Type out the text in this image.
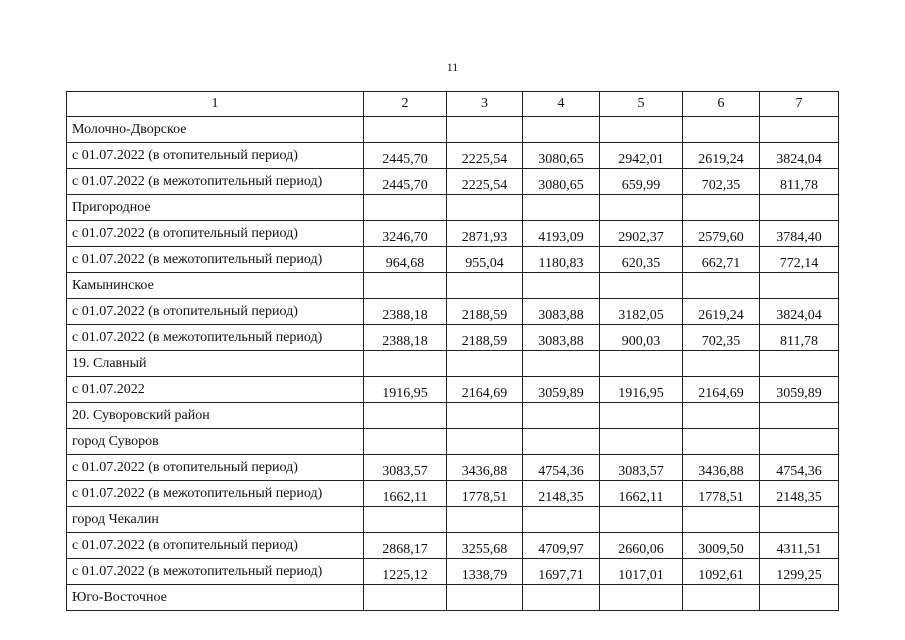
11
1	2	3	4	5	6	7
Молочно-Дворское						
с 01.07.2022 (в отопительный период)	2445,70	2225,54	3080,65	2942,01	2619,24	3824,04
с 01.07.2022 (в межотопительный период)	2445,70	2225,54	3080,65	659,99	702,35	811,78
Пригородное						
с 01.07.2022 (в отопительный период)	3246,70	2871,93	4193,09	2902,37	2579,60	3784,40
с 01.07.2022 (в межотопительный период)	964,68	955,04	1180,83	620,35	662,71	772,14
Камынинское						
с 01.07.2022 (в отопительный период)	2388,18	2188,59	3083,88	3182,05	2619,24	3824,04
с 01.07.2022 (в межотопительный период)	2388,18	2188,59	3083,88	900,03	702,35	811,78
19. Славный						
с 01.07.2022	1916,95	2164,69	3059,89	1916,95	2164,69	3059,89
20. Суворовский район						
город Суворов						
с 01.07.2022 (в отопительный период)	3083,57	3436,88	4754,36	3083,57	3436,88	4754,36
с 01.07.2022 (в межотопительный период)	1662,11	1778,51	2148,35	1662,11	1778,51	2148,35
город Чекалин						
с 01.07.2022 (в отопительный период)	2868,17	3255,68	4709,97	2660,06	3009,50	4311,51
с 01.07.2022 (в межотопительный период)	1225,12	1338,79	1697,71	1017,01	1092,61	1299,25
Юго-Восточное						
